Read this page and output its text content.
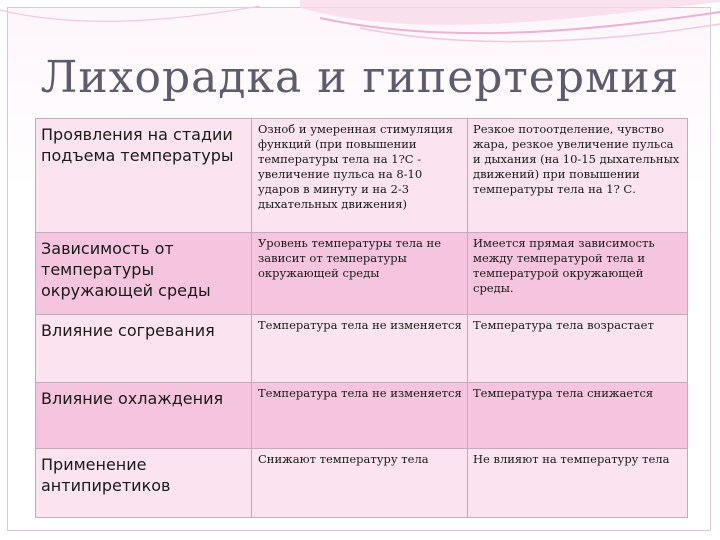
Лихорадка и гипертермия
Проявления на стадии подъема температуры	Озноб и умеренная стимуляция функций (при повышении температуры тела на 1?С - увеличение пульса на 8-10 ударов в минуту и на 2-3 дыхательных движения)	Резкое потоотделение, чувство жара, резкое увеличение пульса и дыхания (на 10-15 дыхательных движений) при повышении температуры тела на 1? С.
Зависимость от температуры окружающей среды	Уровень температуры тела не зависит от температуры окружающей среды	Имеется прямая зависимость между температурой тела и температурой окружающей среды.
Влияние согревания	Температура тела не изменяется	Температура тела возрастает
Влияние охлаждения	Температура тела не изменяется	Температура тела снижается
Применение антипиретиков	Снижают температуру тела	Не влияют на температуру тела
